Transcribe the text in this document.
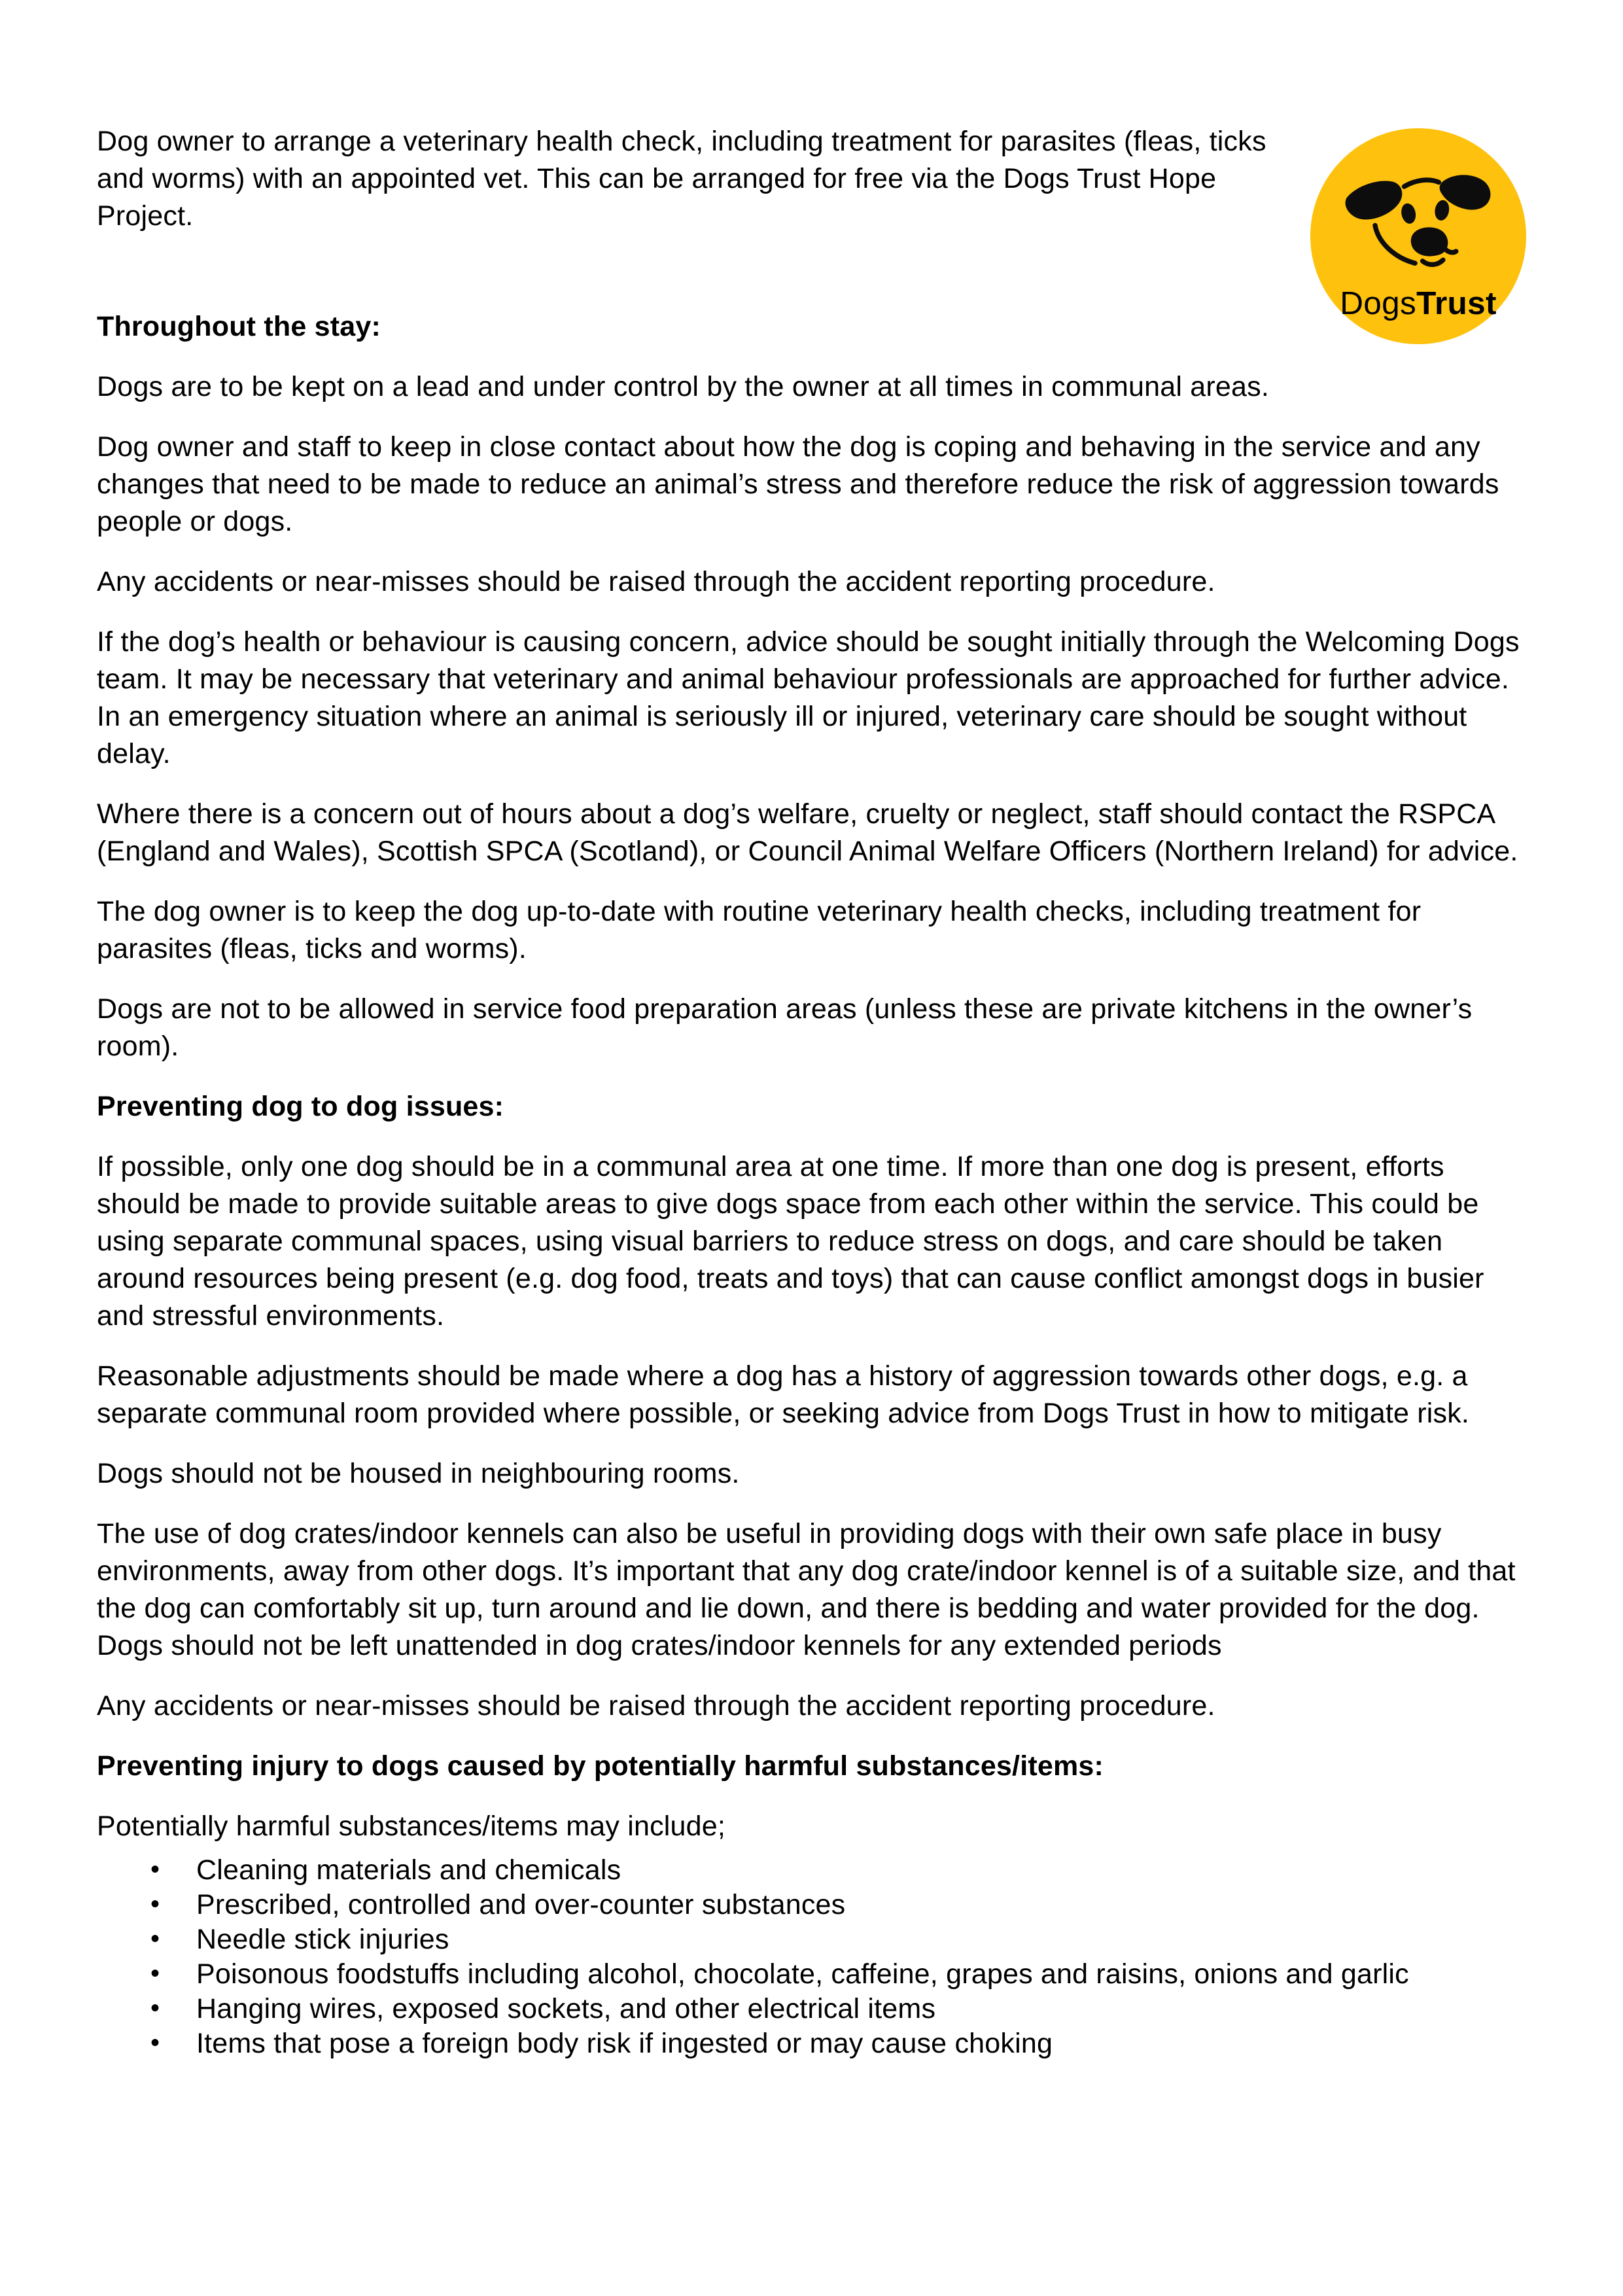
DogsTrust

Dog owner to arrange a veterinary health check, including treatment for parasites (fleas, ticks and worms) with an appointed vet. This can be arranged for free via the Dogs Trust Hope Project.

Throughout the stay:

Dogs are to be kept on a lead and under control by the owner at all times in communal areas.

Dog owner and staff to keep in close contact about how the dog is coping and behaving in the service and any changes that need to be made to reduce an animal’s stress and therefore reduce the risk of aggression towards people or dogs.

Any accidents or near-misses should be raised through the accident reporting procedure.

If the dog’s health or behaviour is causing concern, advice should be sought initially through the Welcoming Dogs team. It may be necessary that veterinary and animal behaviour professionals are approached for further advice. In an emergency situation where an animal is seriously ill or injured, veterinary care should be sought without delay.

Where there is a concern out of hours about a dog’s welfare, cruelty or neglect, staff should contact the RSPCA (England and Wales), Scottish SPCA (Scotland), or Council Animal Welfare Officers (Northern Ireland) for advice.

The dog owner is to keep the dog up-to-date with routine veterinary health checks, including treatment for parasites (fleas, ticks and worms).

Dogs are not to be allowed in service food preparation areas (unless these are private kitchens in the owner’s room).

Preventing dog to dog issues:

If possible, only one dog should be in a communal area at one time. If more than one dog is present, efforts should be made to provide suitable areas to give dogs space from each other within the service. This could be using separate communal spaces, using visual barriers to reduce stress on dogs, and care should be taken around resources being present (e.g. dog food, treats and toys) that can cause conflict amongst dogs in busier and stressful environments.

Reasonable adjustments should be made where a dog has a history of aggression towards other dogs, e.g. a separate communal room provided where possible, or seeking advice from Dogs Trust in how to mitigate risk.

Dogs should not be housed in neighbouring rooms.

The use of dog crates/indoor kennels can also be useful in providing dogs with their own safe place in busy environments, away from other dogs. It’s important that any dog crate/indoor kennel is of a suitable size, and that the dog can comfortably sit up, turn around and lie down, and there is bedding and water provided for the dog. Dogs should not be left unattended in dog crates/indoor kennels for any extended periods

Any accidents or near-misses should be raised through the accident reporting procedure.

Preventing injury to dogs caused by potentially harmful substances/items:

Potentially harmful substances/items may include;

• Cleaning materials and chemicals
• Prescribed, controlled and over-counter substances
• Needle stick injuries
• Poisonous foodstuffs including alcohol, chocolate, caffeine, grapes and raisins, onions and garlic
• Hanging wires, exposed sockets, and other electrical items
• Items that pose a foreign body risk if ingested or may cause choking
